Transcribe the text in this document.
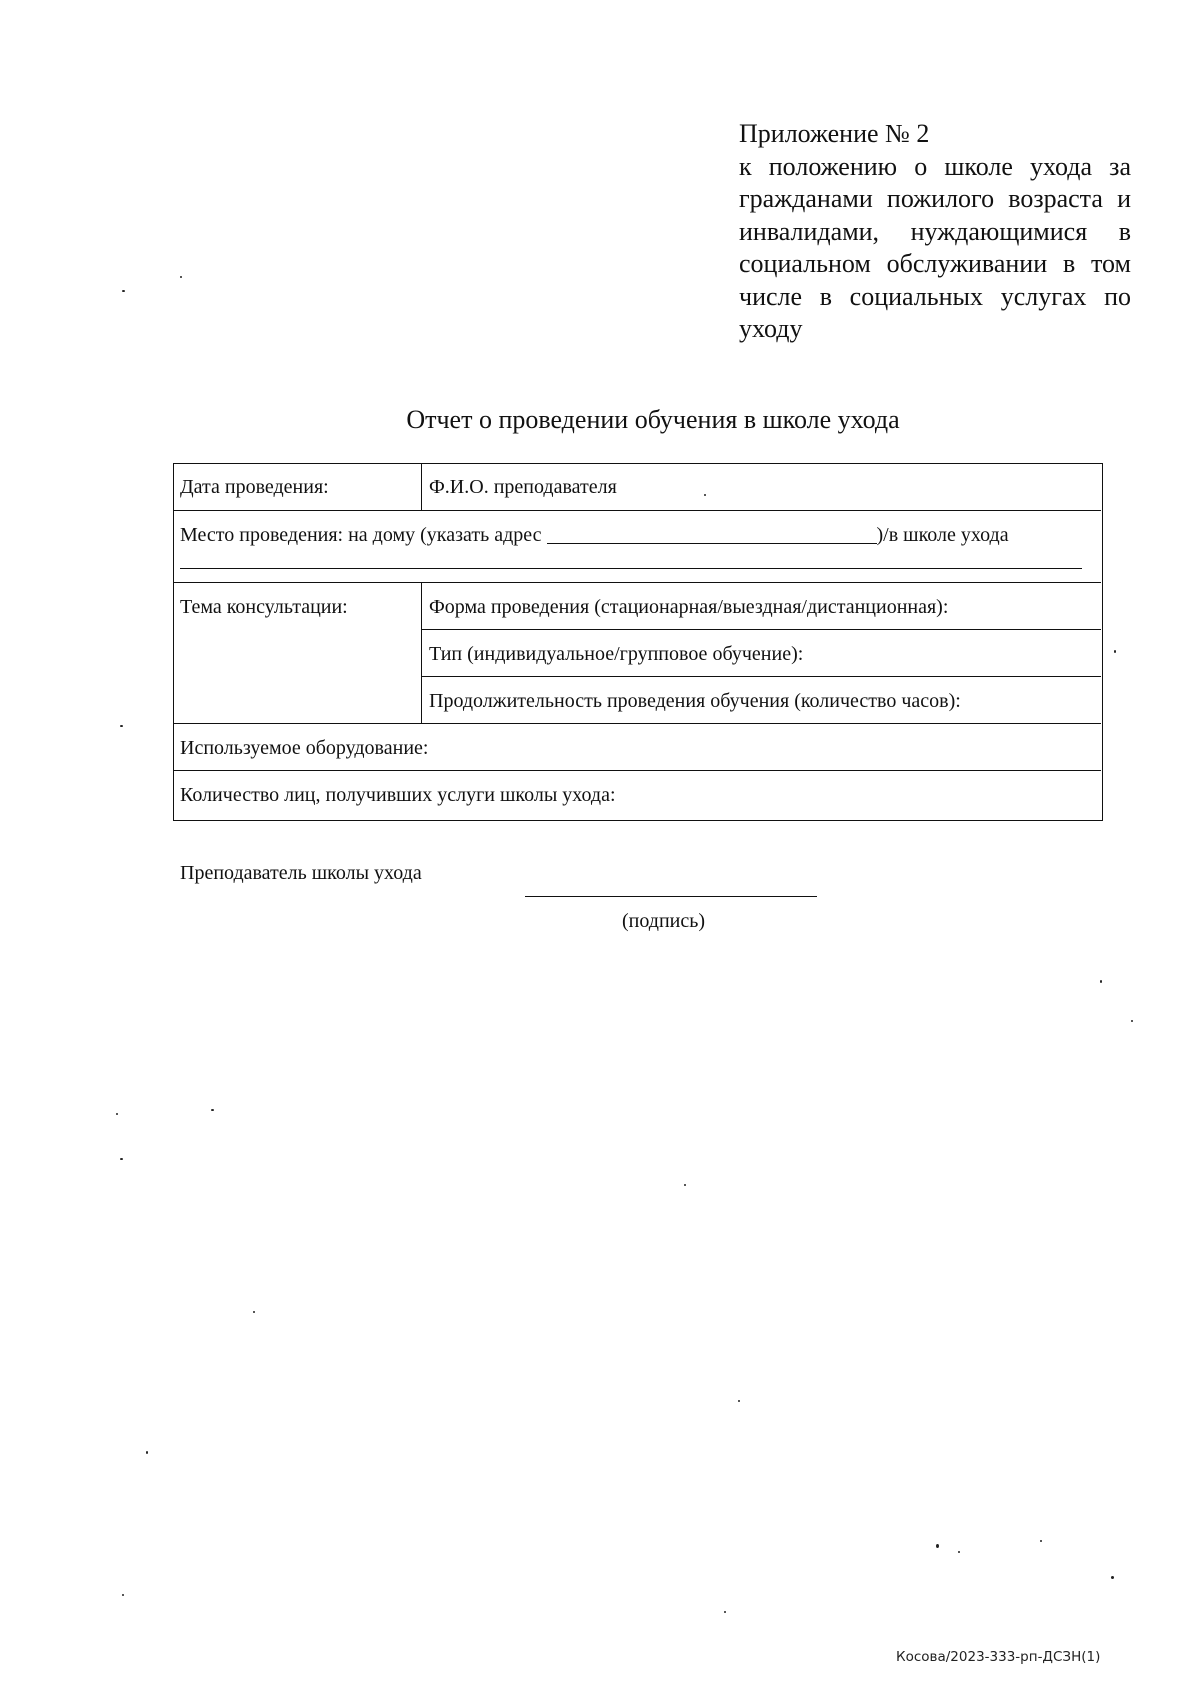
Приложение № 2
к положению о школе ухода за гражданами пожилого возраста и инвалидами, нуждающимися в социальном обслуживании в том числе в социальных услугах по уходу
Отчет о проведении обучения в школе ухода
Дата проведения:	Ф.И.О. преподавателя
Место проведения: на дому (указать адрес	)/в школе ухода
Тема консультации:	Форма проведения (стационарная/выездная/дистанционная):
Тип (индивидуальное/групповое обучение):
Продолжительность проведения обучения (количество часов):
Используемое оборудование:
Количество лиц, получивших услуги школы ухода:
Преподаватель школы ухода
(подпись)
Косова/2023-333-рп-ДСЗН(1)
